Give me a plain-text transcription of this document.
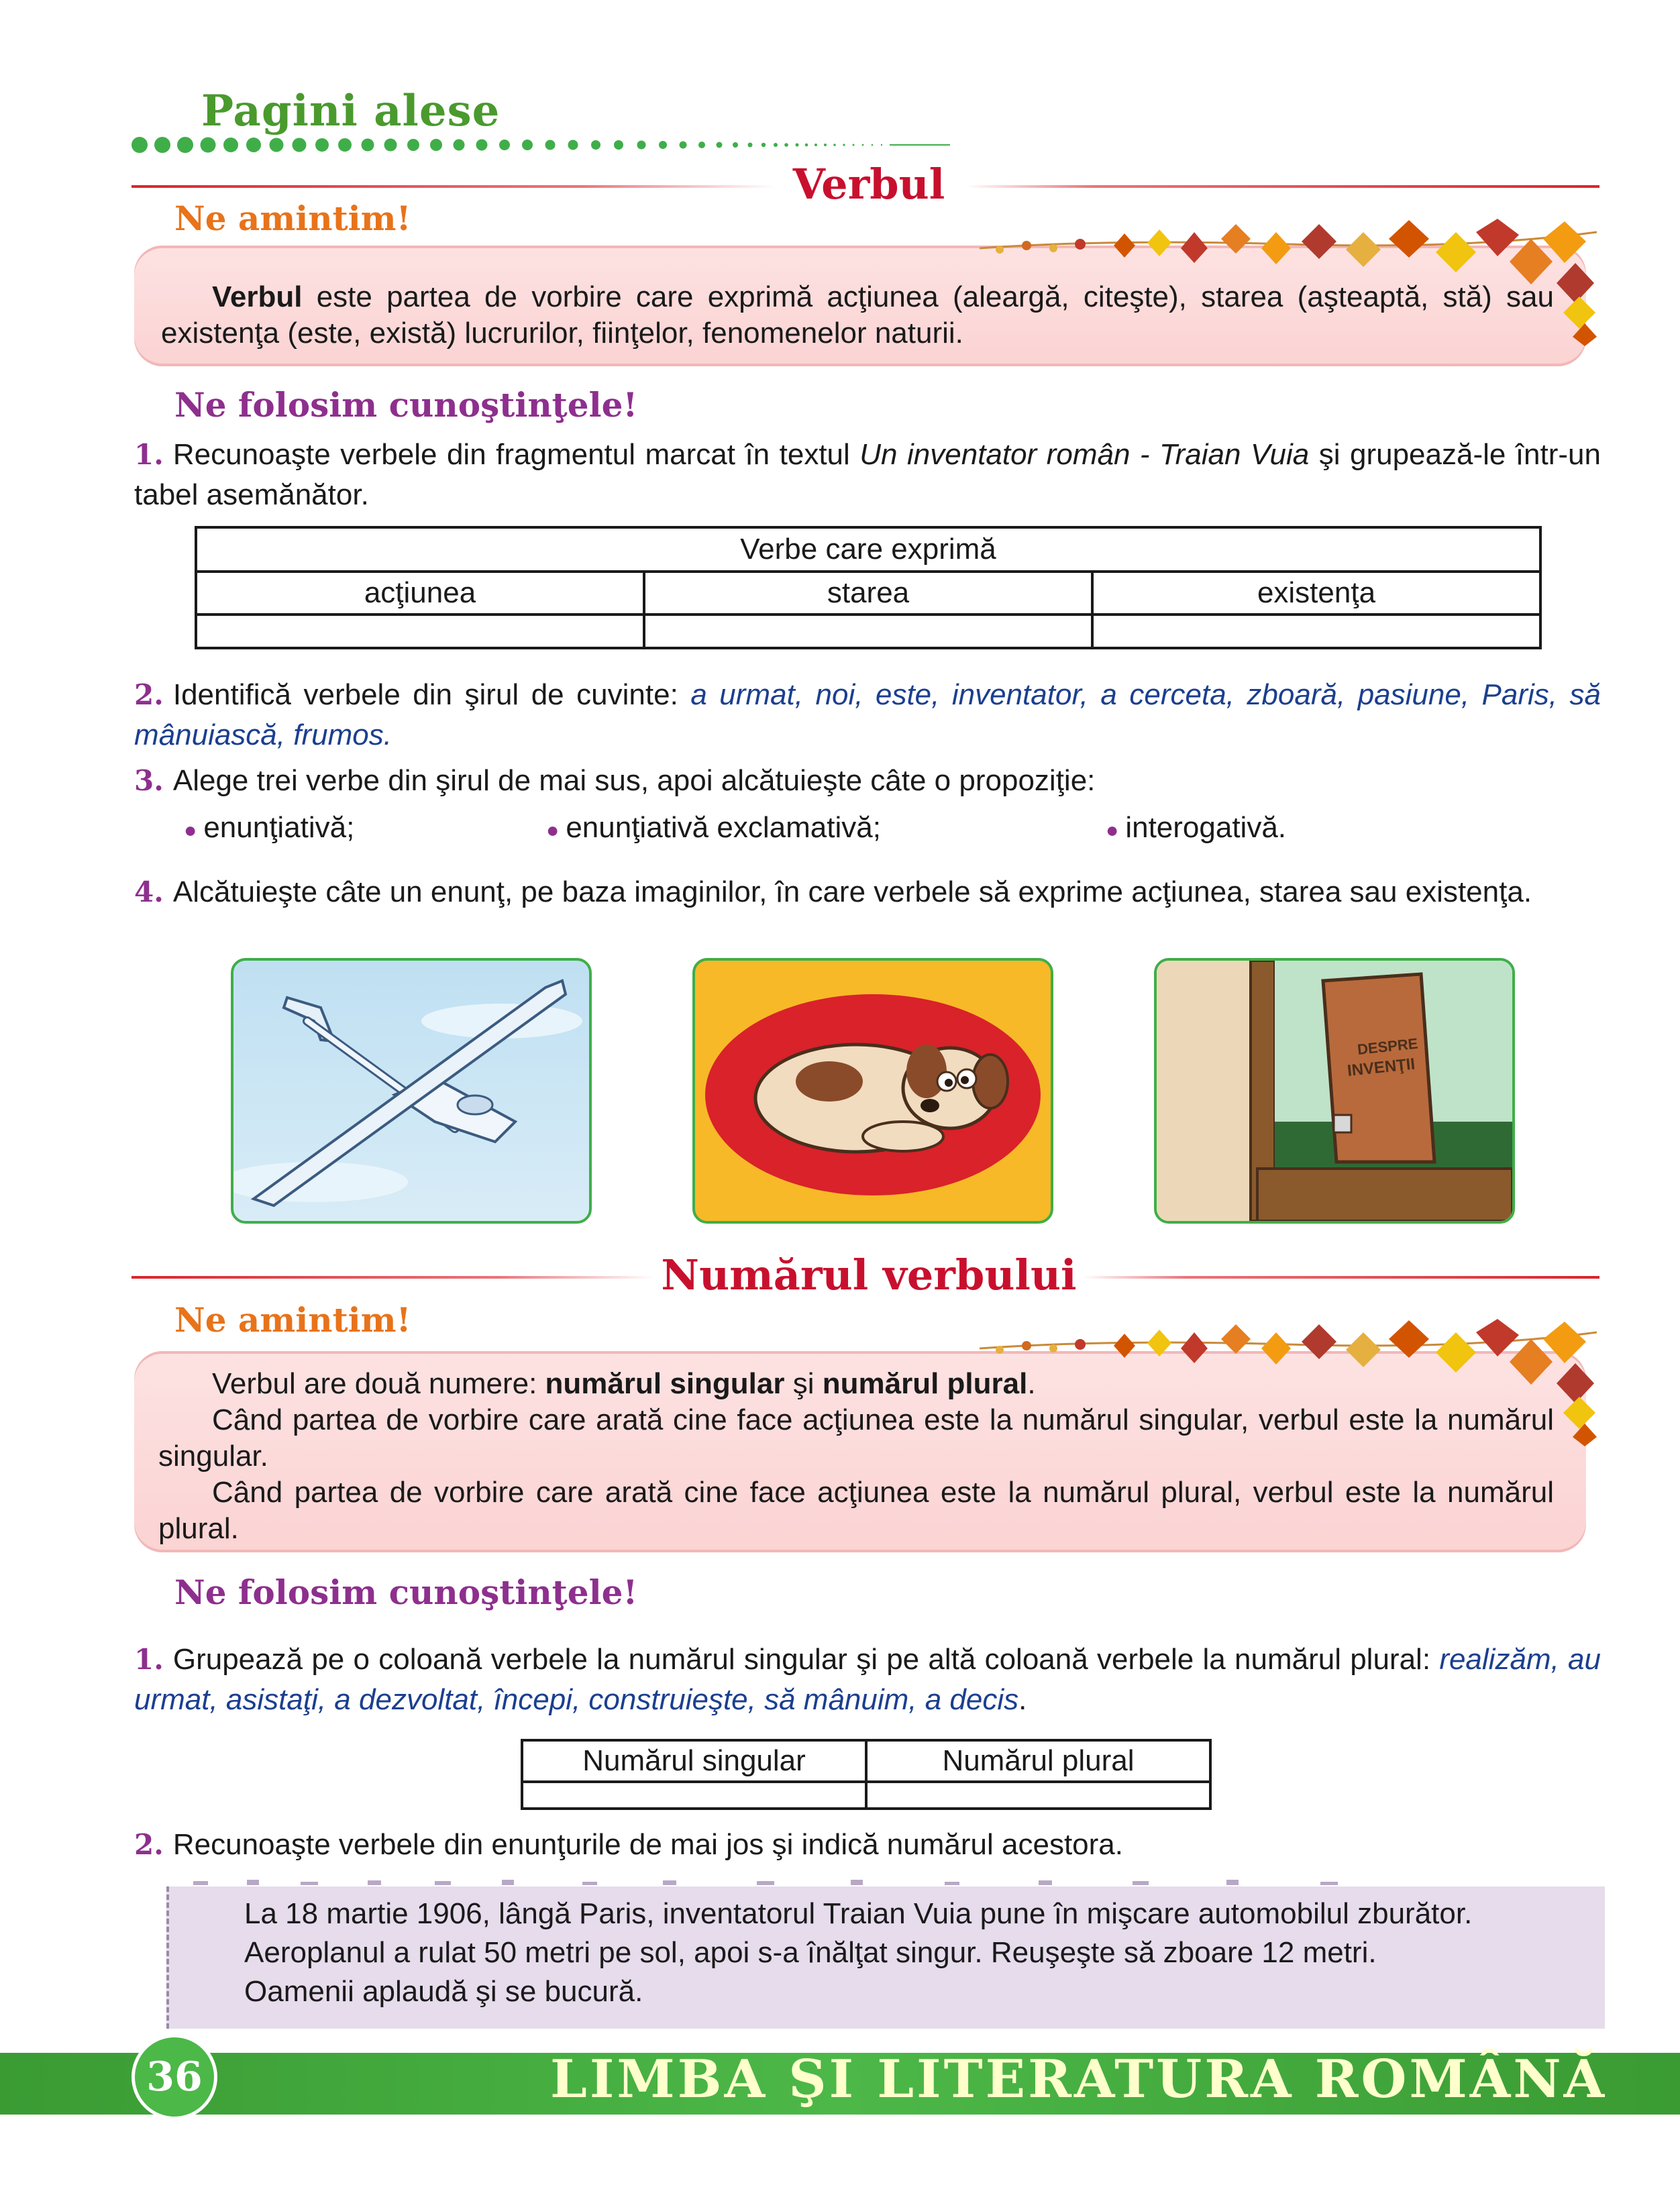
Pagini alese
Verbul
Ne amintim!
Verbul este partea de vorbire care exprimă acţiunea (aleargă, citeşte), starea (aşteaptă, stă) sau existenţa (este, există) lucrurilor, fiinţelor, fenomenelor naturii.
Ne folosim cunoştinţele!
1. Recunoaşte verbele din fragmentul marcat în textul Un inventator român - Traian Vuia şi grupează-le într-un tabel asemănător.
Verbe care exprimă		
acţiunea	starea	existenţa

2. Identifică verbele din şirul de cuvinte: a urmat, noi, este, inventator, a cerceta, zboară, pasiune, Paris, să mânuiască, frumos.
3. Alege trei verbe din şirul de mai sus, apoi alcătuieşte câte o propoziţie:
● enunţiativă;	● enunţiativă exclamativă;	● interogativă.
4. Alcătuieşte câte un enunţ, pe baza imaginilor, în care verbele să exprime acţiunea, starea sau existenţa.
DESPRE
INVENŢII
Numărul verbului
Ne amintim!
Verbul are două numere: numărul singular şi numărul plural.
Când partea de vorbire care arată cine face acţiunea este la numărul singular, verbul este la numărul singular.
Când partea de vorbire care arată cine face acţiunea este la numărul plural, verbul este la numărul plural.
Ne folosim cunoştinţele!
1. Grupează pe o coloană verbele la numărul singular şi pe altă coloană verbele la numărul plural: realizăm, au urmat, asistaţi, a dezvoltat, începi, construieşte, să mânuim, a decis.
Numărul singular	Numărul plural

2. Recunoaşte verbele din enunţurile de mai jos şi indică numărul acestora.
La 18 martie 1906, lângă Paris, inventatorul Traian Vuia pune în mişcare automobilul zburător.
Aeroplanul a rulat 50 metri pe sol, apoi s-a înălţat singur. Reuşeşte să zboare 12 metri.
Oamenii aplaudă şi se bucură.
36	LIMBA ŞI LITERATURA ROMÂNĂ
